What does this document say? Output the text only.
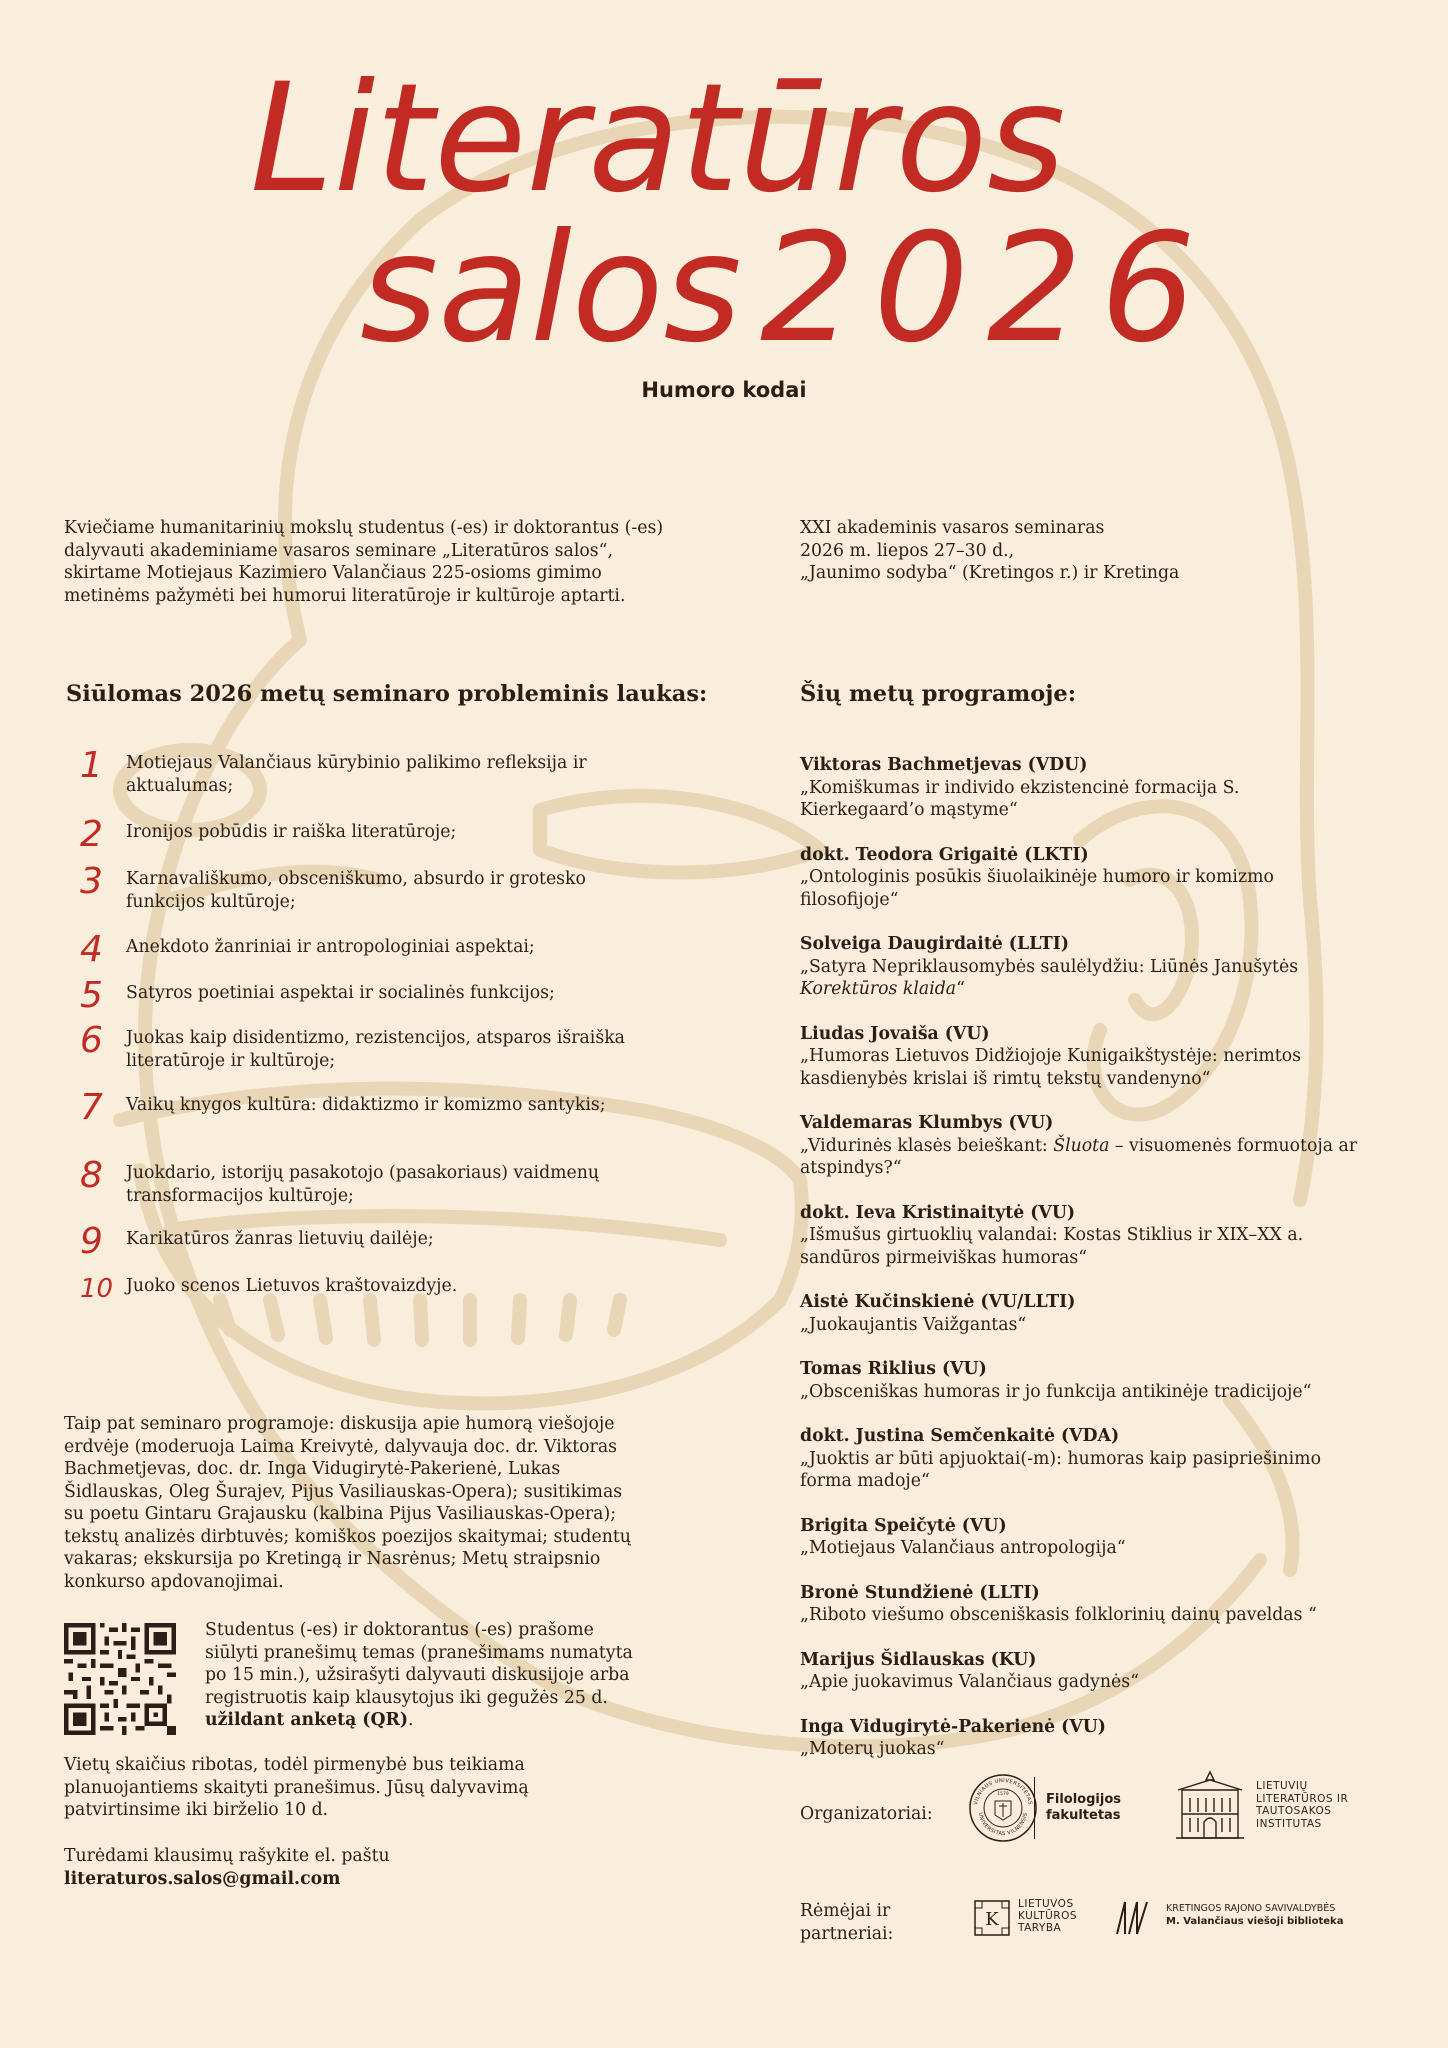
Literatūros
salos 2026
Humoro kodai
Kviečiame humanitarinių mokslų studentus (-es) ir doktorantus (-es)
dalyvauti akademiniame vasaros seminare „Literatūros salos“,
skirtame Motiejaus Kazimiero Valančiaus 225-osioms gimimo
metinėms pažymėti bei humorui literatūroje ir kultūroje aptarti.
XXI akademinis vasaros seminaras
2026 m. liepos 27–30 d.,
„Jaunimo sodyba“ (Kretingos r.) ir Kretinga
Siūlomas 2026 metų seminaro probleminis laukas:	Šių metų programoje:
1	Motiejaus Valančiaus kūrybinio palikimo refleksija ir aktualumas;
2	Ironijos pobūdis ir raiška literatūroje;
3	Karnavališkumo, obsceniškumo, absurdo ir grotesko funkcijos kultūroje;
4	Anekdoto žanriniai ir antropologiniai aspektai;
5	Satyros poetiniai aspektai ir socialinės funkcijos;
6	Juokas kaip disidentizmo, rezistencijos, atsparos išraiška literatūroje ir kultūroje;
7	Vaikų knygos kultūra: didaktizmo ir komizmo santykis;
8	Juokdario, istorijų pasakotojo (pasakoriaus) vaidmenų transformacijos kultūroje;
9	Karikatūros žanras lietuvių dailėje;
10 Juoko scenos Lietuvos kraštovaizdyje.
Taip pat seminaro programoje: diskusija apie humorą viešojoje erdvėje (moderuoja Laima Kreivytė, dalyvauja doc. dr. Viktoras Bachmetjevas, doc. dr. Inga Vidugirytė-Pakerienė, Lukas Šidlauskas, Oleg Šurajev, Pijus Vasiliauskas-Opera); susitikimas su poetu Gintaru Grajausku (kalbina Pijus Vasiliauskas-Opera); tekstų analizės dirbtuvės; komiškos poezijos skaitymai; studentų vakaras; ekskursija po Kretingą ir Nasrėnus; Metų straipsnio konkurso apdovanojimai.
Studentus (-es) ir doktorantus (-es) prašome siūlyti pranešimų temas (pranešimams numatyta po 15 min.), užsirašyti dalyvauti diskusijoje arba registruotis kaip klausytojus iki gegužės 25 d. užildant anketą (QR).
Vietų skaičius ribotas, todėl pirmenybė bus teikiama planuojantiems skaityti pranešimus. Jūsų dalyvavimą patvirtinsime iki birželio 10 d.
Turėdami klausimų rašykite el. paštu
literaturos.salos@gmail.com
Viktoras Bachmetjevas (VDU)
„Komiškumas ir individo ekzistencinė formacija S. Kierkegaard’o mąstyme“
dokt. Teodora Grigaitė (LKTI)
„Ontologinis posūkis šiuolaikinėje humoro ir komizmo filosofijoje“
Solveiga Daugirdaitė (LLTI)
„Satyra Nepriklausomybės saulėlydžiu: Liūnės Janušytės Korektūros klaida“
Liudas Jovaiša (VU)
„Humoras Lietuvos Didžiojoje Kunigaikštystėje: nerimtos kasdienybės krislai iš rimtų tekstų vandenyno“
Valdemaras Klumbys (VU)
„Vidurinės klasės beieškant: Šluota – visuomenės formuotoja ar atspindys?“
dokt. Ieva Kristinaitytė (VU)
„Išmušus girtuoklių valandai: Kostas Stiklius ir XIX–XX a. sandūros pirmeiviškas humoras“
Aistė Kučinskienė (VU/LLTI)
„Juokaujantis Vaižgantas“
Tomas Riklius (VU)
„Obsceniškas humoras ir jo funkcija antikinėje tradicijoje“
dokt. Justina Semčenkaitė (VDA)
„Juoktis ar būti apjuoktai(-m): humoras kaip pasipriešinimo forma madoje“
Brigita Speičytė (VU)
„Motiejaus Valančiaus antropologija“
Bronė Stundžienė (LLTI)
„Riboto viešumo obsceniškasis folklorinių dainų paveldas “
Marijus Šidlauskas (KU)
„Apie juokavimus Valančiaus gadynės“
Inga Vidugirytė-Pakerienė (VU)
„Moterų juokas“
Organizatoriai:
VILNIAUS UNIVERSITETAS
UNIVERSITAS VILNENSIS
1579	Filologijos fakultetas
LIETUVIŲ LITERATŪROS IR TAUTOSAKOS INSTITUTAS
Rėmėjai ir partneriai:
K
LIETUVOS KULTŪROS TARYBA
KRETINGOS RAJONO SAVIVALDYBĖS
M. Valančiaus viešoji biblioteka
